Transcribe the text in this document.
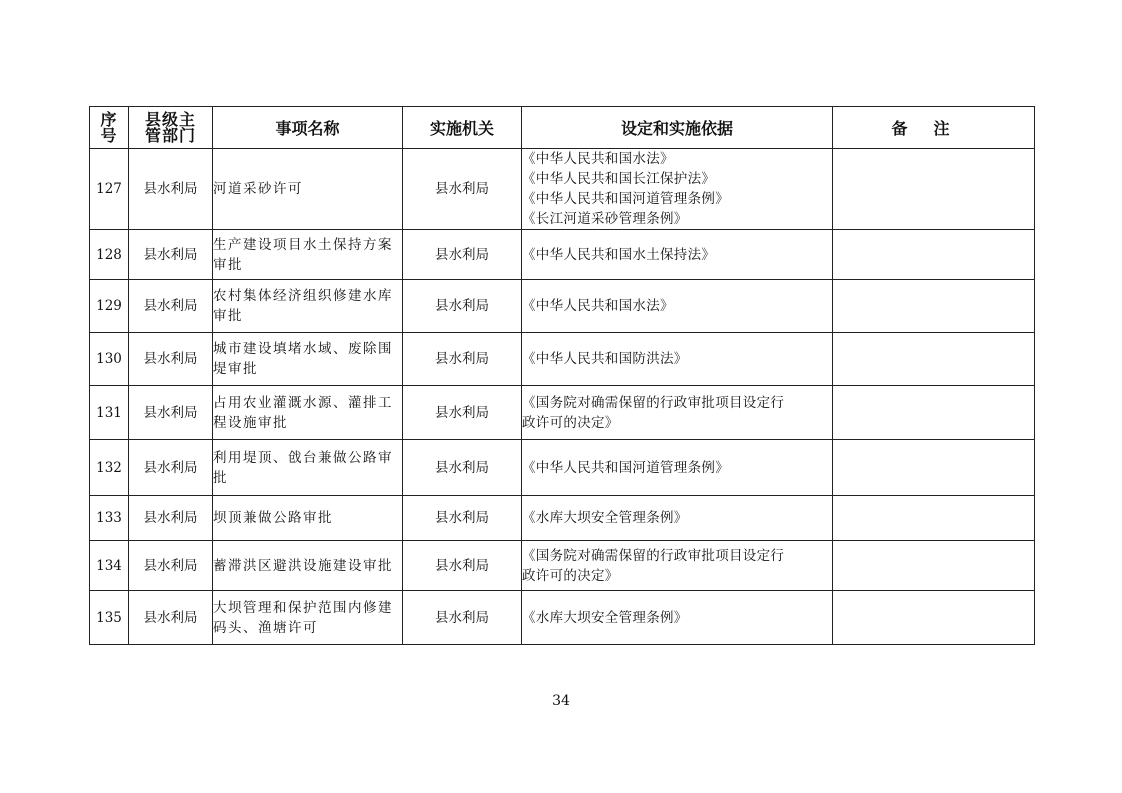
序
号	县级主
管部门	事项名称	实施机关	设定和实施依据	备注
127	县水利局	河道采砂许可	县水利局	《中华人民共和国水法》
《中华人民共和国长江保护法》
《中华人民共和国河道管理条例》
《长江河道采砂管理条例》	

128	县水利局	生产建设项目水土保持方案审批	县水利局	《中华人民共和国水土保持法》	

129	县水利局	农村集体经济组织修建水库审批	县水利局	《中华人民共和国水法》	

130	县水利局	城市建设填堵水域、废除围堤审批	县水利局	《中华人民共和国防洪法》	

131	县水利局	占用农业灌溉水源、灌排工程设施审批	县水利局	《国务院对确需保留的行政审批项目设定行
政许可的决定》	

132	县水利局	利用堤顶、戗台兼做公路审批	县水利局	《中华人民共和国河道管理条例》	

133	县水利局	坝顶兼做公路审批	县水利局	《水库大坝安全管理条例》	

134	县水利局	蓄滞洪区避洪设施建设审批	县水利局	《国务院对确需保留的行政审批项目设定行
政许可的决定》	

135	县水利局	大坝管理和保护范围内修建码头、渔塘许可	县水利局	《水库大坝安全管理条例》	

34
